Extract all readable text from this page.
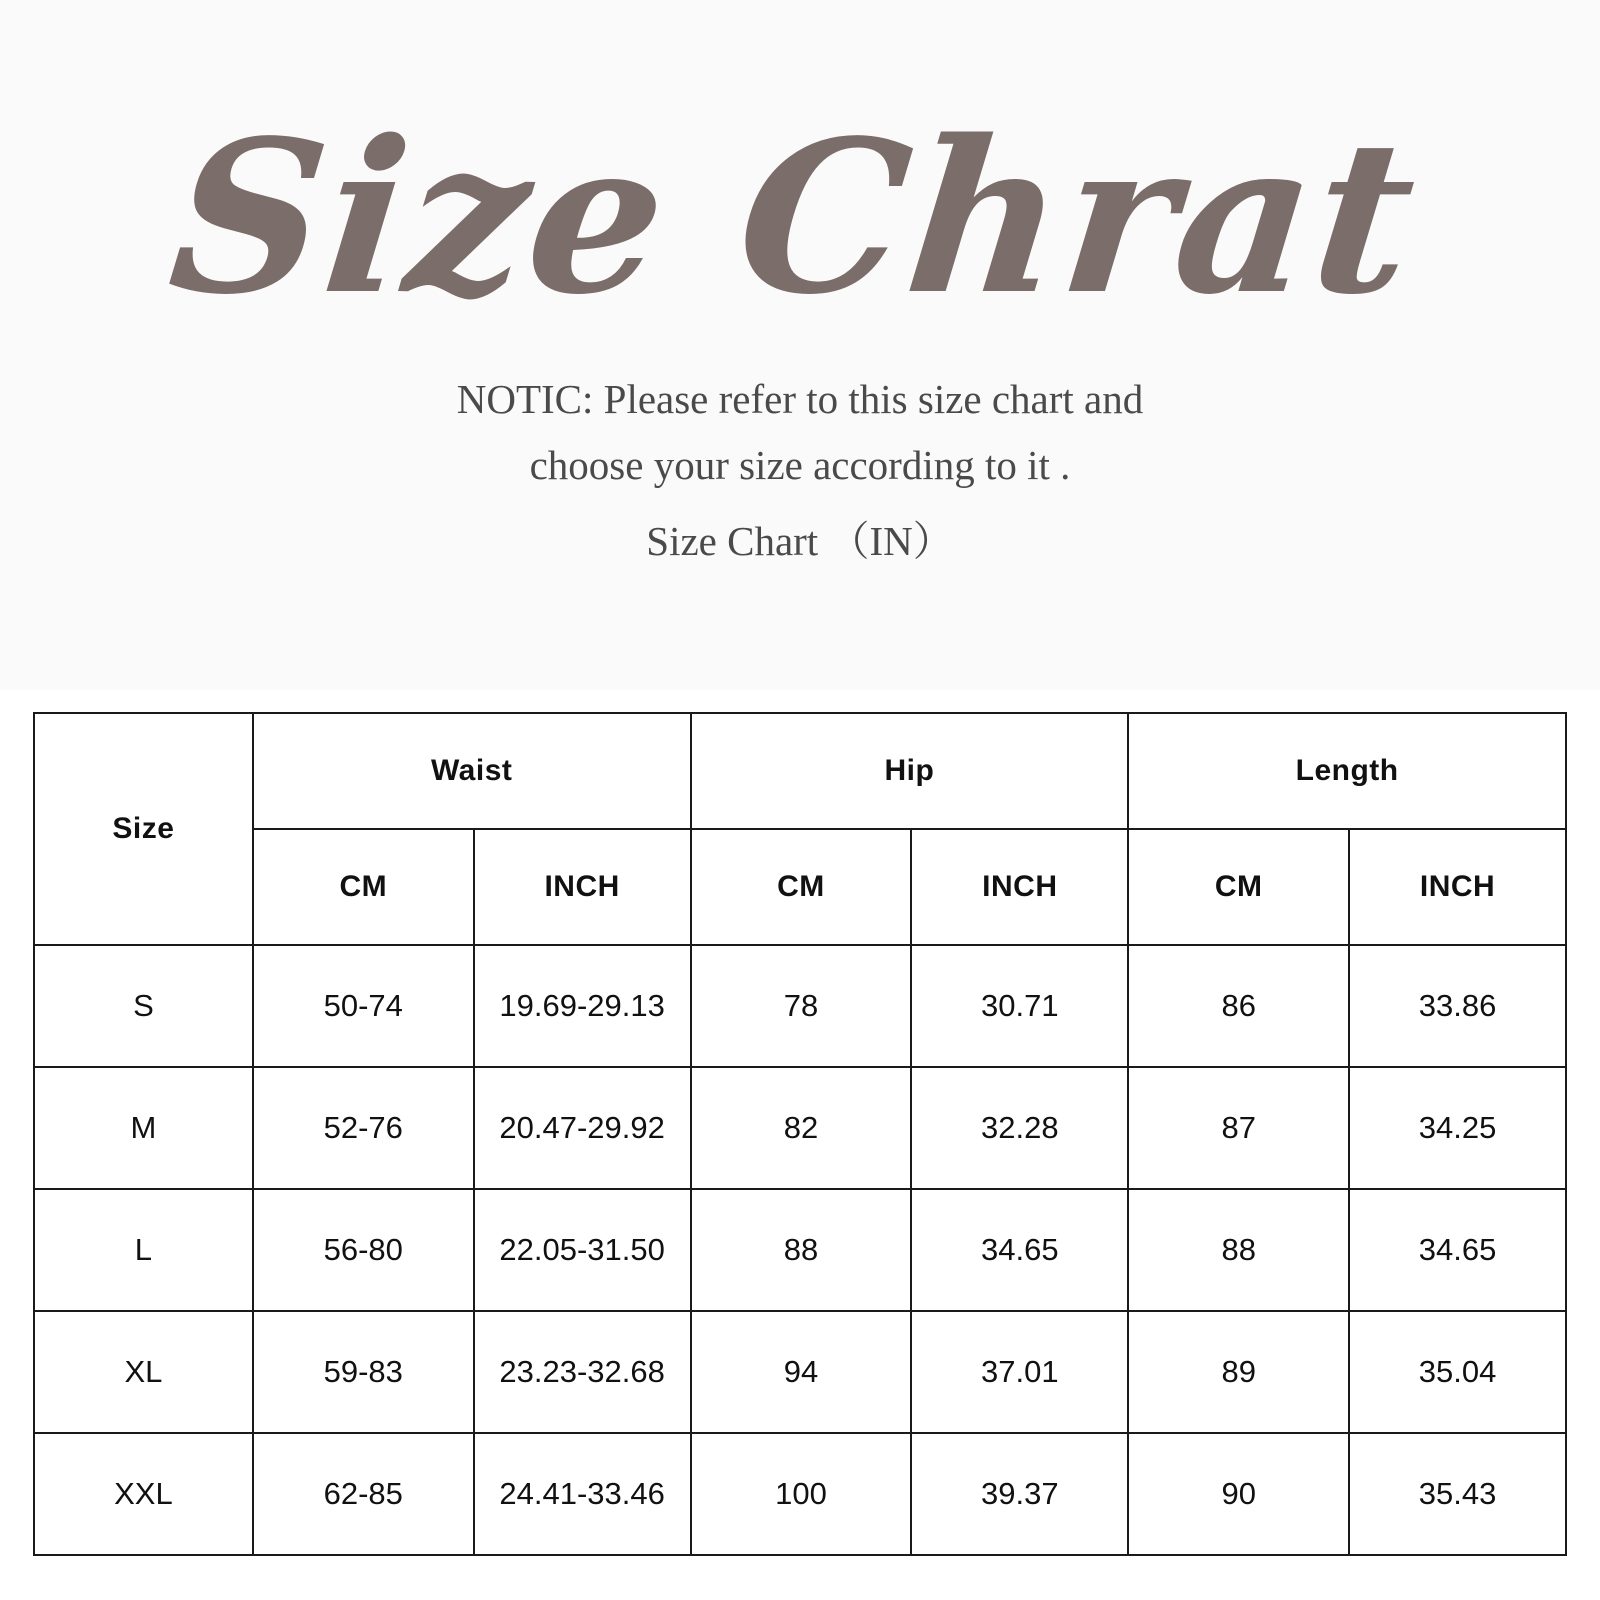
Size Chrat

NOTIC: Please refer to this size chart and
choose your size according to it .
Size Chart （IN）

Size	Waist		Hip		Length	
	CM	INCH	CM	INCH	CM	INCH
S	50-74	19.69-29.13	78	30.71	86	33.86
M	52-76	20.47-29.92	82	32.28	87	34.25
L	56-80	22.05-31.50	88	34.65	88	34.65
XL	59-83	23.23-32.68	94	37.01	89	35.04
XXL	62-85	24.41-33.46	100	39.37	90	35.43
